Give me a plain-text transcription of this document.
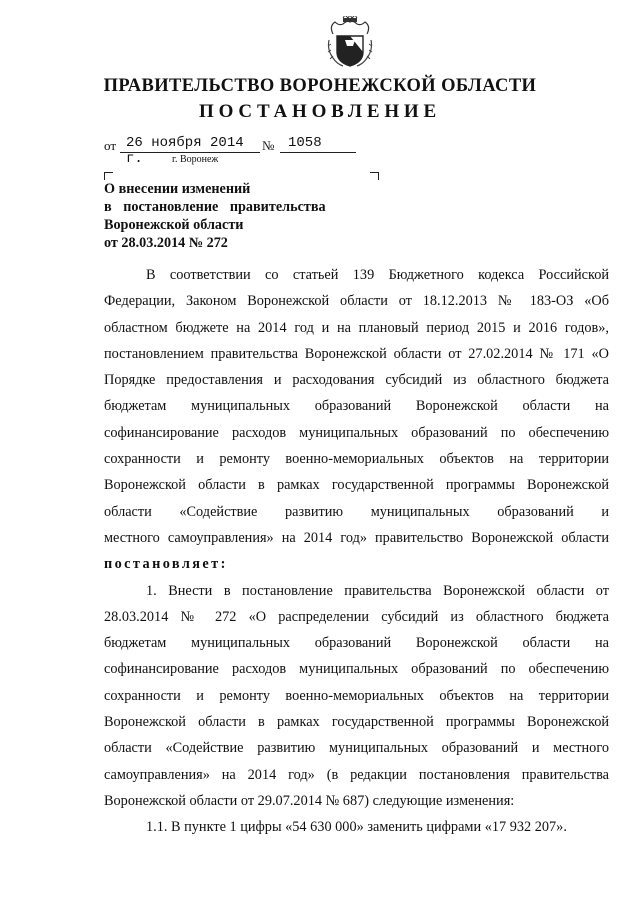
ПРАВИТЕЛЬСТВО ВОРОНЕЖСКОЙ ОБЛАСТИ
ПОСТАНОВЛЕНИЕ
от 26 ноября 2014 г.
№ 1058
г. Воронеж
О внесении изменений
в постановление правительства
Воронежской области
от 28.03.2014 № 272
В соответствии со статьей 139 Бюджетного кодекса Российской
Федерации, Законом Воронежской области от 18.12.2013 № 183-ОЗ «Об
областном бюджете на 2014 год и на плановый период 2015 и 2016 годов»,
постановлением правительства Воронежской области от 27.02.2014 № 171 «О
Порядке предоставления и расходования субсидий из областного бюджета
бюджетам муниципальных образований Воронежской области на
софинансирование расходов муниципальных образований по обеспечению
сохранности и ремонту военно-мемориальных объектов на территории
Воронежской области в рамках государственной программы Воронежской
области «Содействие развитию муниципальных образований и
местного самоуправления» на 2014 год» правительство Воронежской области
постановляет:
1. Внести в постановление правительства Воронежской области от
28.03.2014 № 272 «О распределении субсидий из областного бюджета
бюджетам муниципальных образований Воронежской области на
софинансирование расходов муниципальных образований по обеспечению
сохранности и ремонту военно-мемориальных объектов на территории
Воронежской области в рамках государственной программы Воронежской
области «Содействие развитию муниципальных образований и местного
самоуправления» на 2014 год» (в редакции постановления правительства
Воронежской области от 29.07.2014 № 687) следующие изменения:
1.1. В пункте 1 цифры «54 630 000» заменить цифрами «17 932 207».
